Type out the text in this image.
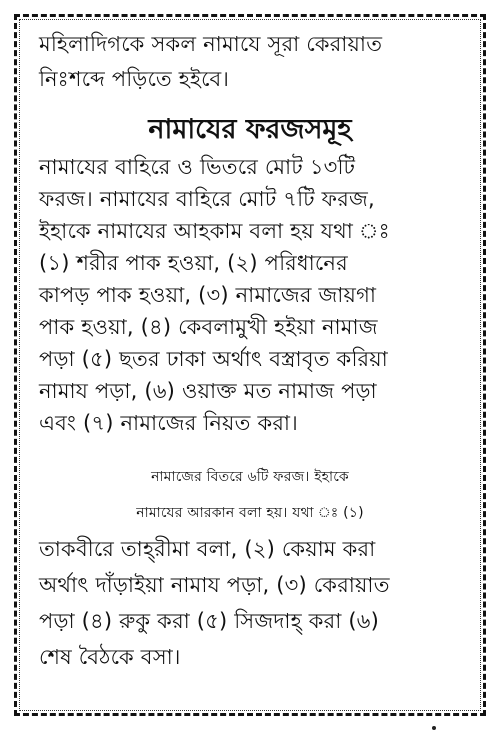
মহিলাদিগকে সকল নামাযে সূরা কেরায়াত
নিঃশব্দে পড়িতে হইবে।
নামাযের ফরজসমূহ
নামাযের বাহিরে ও ভিতরে মোট ১৩টি
ফরজ। নামাযের বাহিরে মোট ৭টি ফরজ,
ইহাকে নামাযের আহকাম বলা হয় যথা ঃ
(১) শরীর পাক হওয়া, (২) পরিধানের
কাপড় পাক হওয়া, (৩) নামাজের জায়গা
পাক হওয়া, (৪) কেবলামুখী হইয়া নামাজ
পড়া (৫) ছতর ঢাকা অর্থাৎ বস্ত্রাবৃত করিয়া
নামায পড়া, (৬) ওয়াক্ত মত নামাজ পড়া
এবং (৭) নামাজের নিয়ত করা।
নামাজের বিতরে ৬টি ফরজ। ইহাকে
নামাযের আরকান বলা হয়। যথা ঃ (১)
তাকবীরে তাহ্‌রীমা বলা, (২) কেয়াম করা
অর্থাৎ দাঁড়াইয়া নামায পড়া, (৩) কেরায়াত
পড়া (৪) রুকু করা (৫) সিজদাহ্‌ করা (৬)
শেষ বৈঠকে বসা।
